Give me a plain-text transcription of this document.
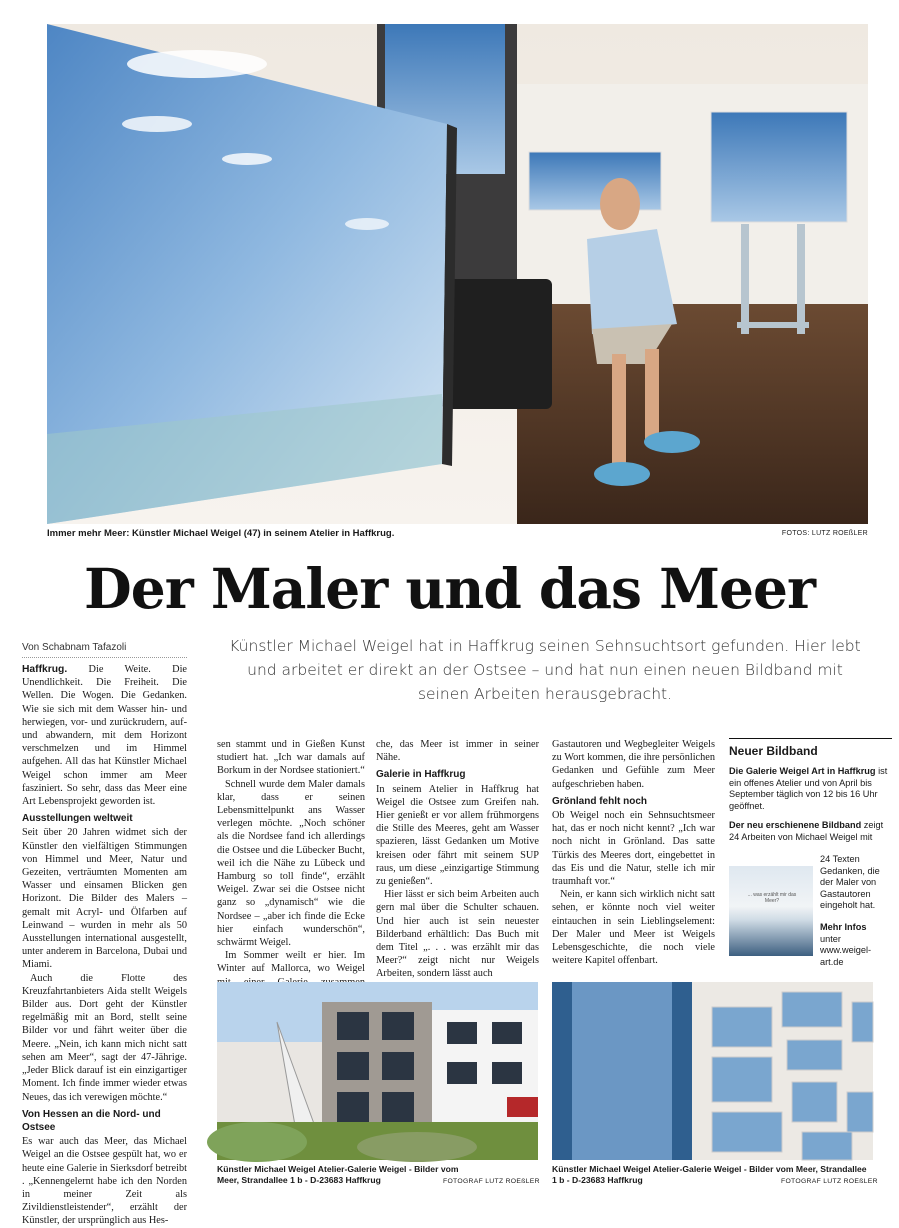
Immer mehr Meer: Künstler Michael Weigel (47) in seinem Atelier in Haffkrug.	FOTOS: LUTZ ROEßLER
Der Maler und das Meer
Künstler Michael Weigel hat in Haffkrug seinen Sehnsuchtsort gefunden. Hier lebt und arbeitet er direkt an der Ostsee – und hat nun einen neuen Bildband mit seinen Arbeiten herausgebracht.
Von Schabnam Tafazoli

Haffkrug. Die Weite. Die Unendlichkeit. Die Freiheit. Die Wellen. Die Wogen. Die Gedanken. Wie sie sich mit dem Wasser hin- und herwiegen, vor- und zurückrudern, auf- und abwandern, mit dem Horizont verschmelzen und im Himmel aufgehen. All das hat Künstler Michael Weigel schon immer am Meer fasziniert. So sehr, dass das Meer eine Art Lebensprojekt geworden ist.

Ausstellungen weltweit

Seit über 20 Jahren widmet sich der Künstler den vielfältigen Stimmungen von Himmel und Meer, Natur und Gezeiten, verträumten Momenten am Wasser und einsamen Blicken gen Horizont. Die Bilder des Malers – gemalt mit Acryl- und Ölfarben auf Leinwand – wurden in mehr als 50 Ausstellungen international ausgestellt, unter anderem in Barcelona, Dubai und Miami.

Auch die Flotte des Kreuzfahrtanbieters Aida stellt Weigels Bilder aus. Dort geht der Künstler regelmäßig mit an Bord, stellt seine Bilder vor und fährt weiter über die Meere. „Nein, ich kann mich nicht satt sehen am Meer“, sagt der 47-Jährige. „Jeder Blick darauf ist ein einzigartiger Moment. Ich finde immer wieder etwas Neues, das ich verewigen möchte.“

Von Hessen an die Nord- und Ostsee

Es war auch das Meer, das Michael Weigel an die Ostsee gespült hat, wo er heute eine Galerie in Sierksdorf betreibt . „Kennengelernt habe ich den Norden in meiner Zeit als Zivildienstleistender“, erzählt der Künstler, der ursprünglich aus Hes-

sen stammt und in Gießen Kunst studiert hat. „Ich war damals auf Borkum in der Nordsee stationiert.“

Schnell wurde dem Maler damals klar, dass er seinen Lebensmittelpunkt ans Wasser verlegen möchte. „Noch schöner als die Nordsee fand ich allerdings die Ostsee und die Lübecker Bucht, weil ich die Nähe zu Lübeck und Hamburg so toll finde“, erzählt Weigel. Zwar sei die Ostsee nicht ganz so „dynamisch“ wie die Nordsee – „aber ich finde die Ecke hier einfach wunderschön“, schwärmt Weigel.

Im Sommer weilt er hier. Im Winter auf Mallorca, wo Weigel

che, das Meer ist immer in seiner Nähe.

Galerie in Haffkrug

In seinem Atelier in Haffkrug hat Weigel die Ostsee zum Greifen nah. Hier genießt er vor allem frühmorgens die Stille des Meeres, geht am Wasser spazieren, lässt Gedanken um Motive kreisen oder fährt mit seinem SUP raus, um diese „einzigartige Stimmung zu genießen“.

Hier lässt er sich beim Arbeiten auch gern mal über die Schulter schauen. Und hier auch ist sein neuester Bilderband erhältlich: Das Buch mit dem Titel „. . . was erzählt mir das Meer?“ zeigt nicht nur Weigels Arbeiten, sondern lässt auch

Gastautoren und Wegbegleiter Weigels zu Wort kommen, die ihre persönlichen Gedanken und Gefühle zum Meer aufgeschrieben haben.

Grönland fehlt noch

Ob Weigel noch ein Sehnsuchtsmeer hat, das er noch nicht kennt? „Ich war noch nicht in Grönland. Das satte Türkis des Meeres dort, eingebettet in das Eis und die Natur, stelle ich mir traumhaft vor.“

Nein, er kann sich wirklich nicht satt sehen, er könnte noch viel weiter eintauchen in sein Lieblingselement: Der Maler und Meer ist Weigels Lebensgeschichte, die noch viele weitere Kapitel offenbart.

Neuer Bildband

Die Galerie Weigel Art in Haffkrug ist ein offenes Atelier und von April bis September täglich von 12 bis 16 Uhr geöffnet.

Der neu erschienene Bildband zeigt 24 Arbeiten von Michael Weigel mit

... was erzählt mir das Meer?
24 Texten Gedanken, die der Maler von Gastautoren eingeholt hat.
Mehr Infos
unter www.weigel-art.de
Künstler Michael Weigel Atelier-Galerie Weigel - Bilder vom Meer, Strandallee 1 b - D-23683 Haffkrug	FOTOGRAF LUTZ ROEßLER
Künstler Michael Weigel Atelier-Galerie Weigel - Bilder vom Meer, Strandallee 1 b - D-23683 Haffkrug	FOTOGRAF LUTZ ROEßLER
